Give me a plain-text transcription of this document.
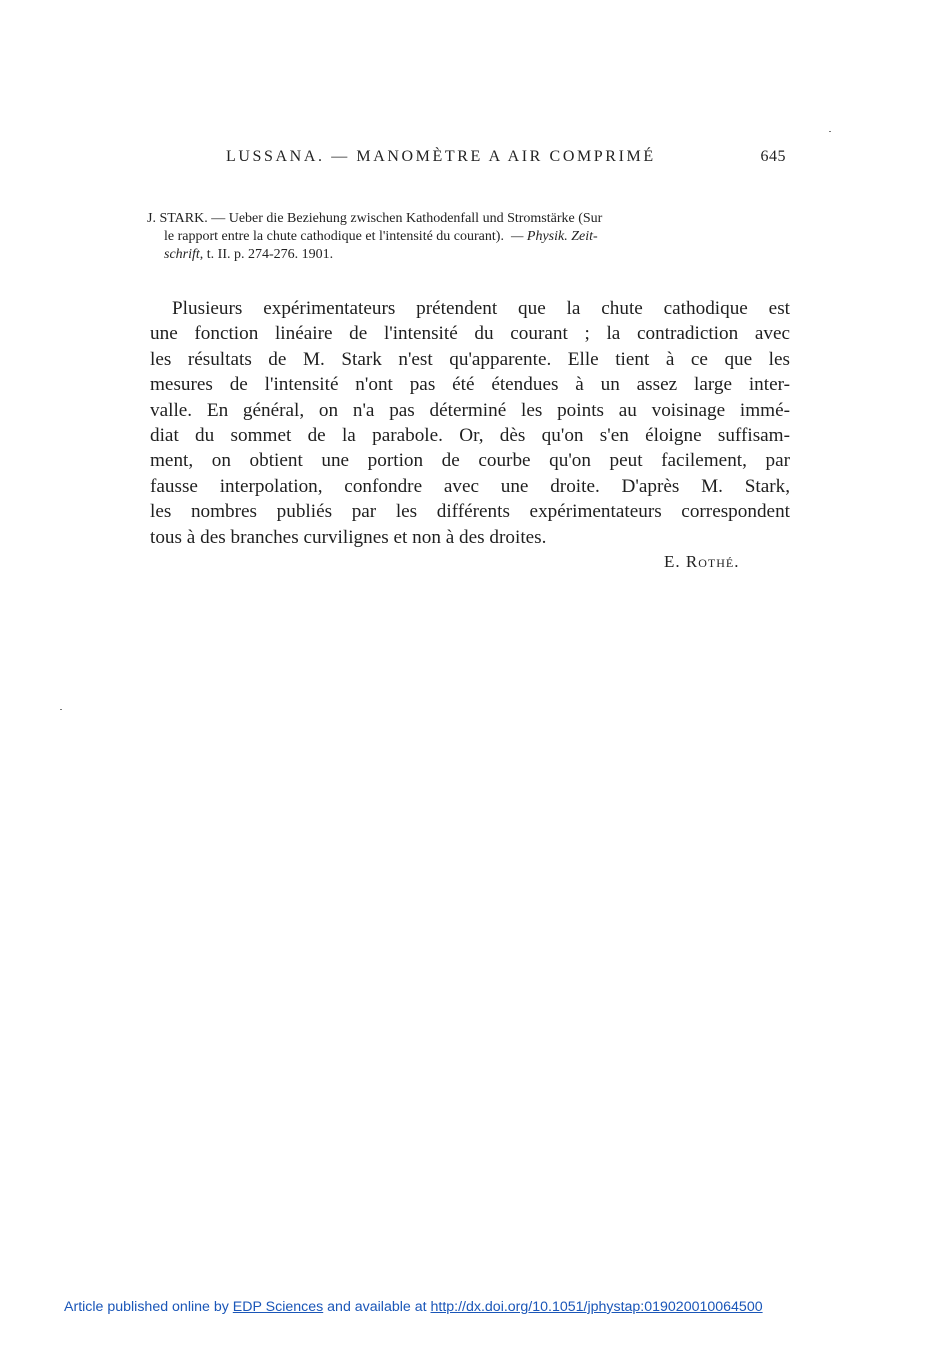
LUSSANA. — MANOMÈTRE A AIR COMPRIMÉ	645
J. STARK. — Ueber die Beziehung zwischen Kathodenfall und Stromstärke (Sur
le rapport entre la chute cathodique et l'intensité du courant). — Physik. Zeit-
schrift, t. II. p. 274-276. 1901.
Plusieurs expérimentateurs prétendent que la chute cathodique est
une fonction linéaire de l'intensité du courant ; la contradiction avec
les résultats de M. Stark n'est qu'apparente. Elle tient à ce que les
mesures de l'intensité n'ont pas été étendues à un assez large inter-
valle. En général, on n'a pas déterminé les points au voisinage immé-
diat du sommet de la parabole. Or, dès qu'on s'en éloigne suffisam-
ment, on obtient une portion de courbe qu'on peut facilement, par
fausse interpolation, confondre avec une droite. D'après M. Stark,
les nombres publiés par les différents expérimentateurs correspondent
tous à des branches curvilignes et non à des droites.
E. Rothé.
Article published online by EDP Sciences and available at http://dx.doi.org/10.1051/jphystap:019020010064500
